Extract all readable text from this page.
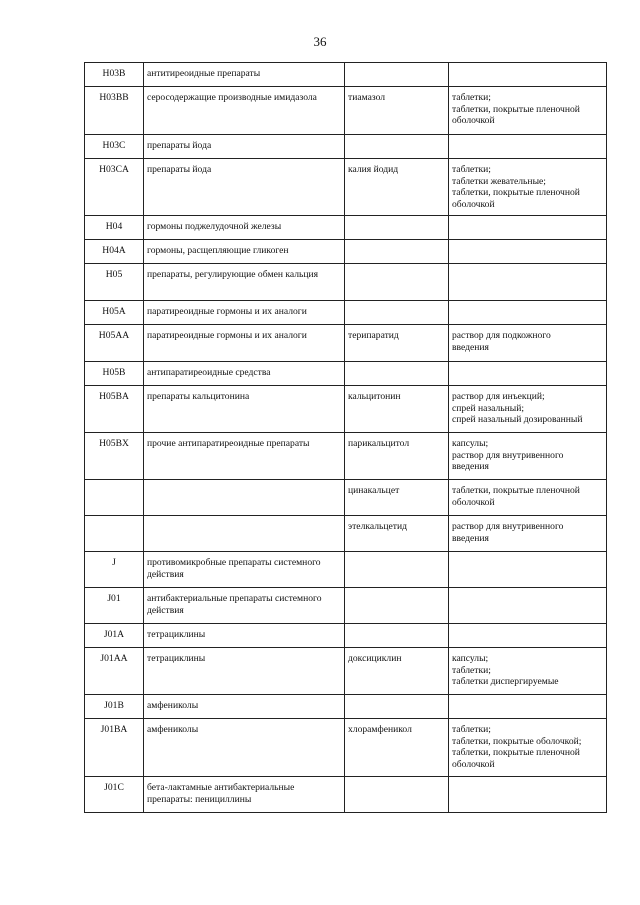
36
H03B	антитиреоидные препараты		
H03BB	серосодержащие производные имидазола	тиамазол	таблетки;
таблетки, покрытые пленочной
оболочкой

H03C	препараты йода		
H03CA	препараты йода	калия йодид	таблетки;
таблетки жевательные;
таблетки, покрытые пленочной
оболочкой

H04	гормоны поджелудочной железы		
H04A	гормоны, расщепляющие гликоген		
H05	препараты, регулирующие обмен кальция		
H05A	паратиреоидные гормоны и их аналоги		
H05AA	паратиреоидные гормоны и их аналоги	терипаратид	раствор для подкожного
введения

H05B	антипаратиреоидные средства		
H05BA	препараты кальцитонина	кальцитонин	раствор для инъекций;
спрей назальный;
спрей назальный дозированный

H05BX	прочие антипаратиреоидные препараты	парикальцитол	капсулы;
раствор для внутривенного
введения

		цинакальцет	таблетки, покрытые пленочной
оболочкой

		этелкальцетид	раствор для внутривенного
введения

J	противомикробные препараты системного действия		
J01	антибактериальные препараты системного действия		
J01A	тетрациклины		
J01AA	тетрациклины	доксициклин	капсулы;
таблетки;
таблетки диспергируемые

J01B	амфениколы		
J01BA	амфениколы	хлорамфеникол	таблетки;
таблетки, покрытые оболочкой;
таблетки, покрытые пленочной
оболочкой

J01C	бета-лактамные антибактериальные препараты: пенициллины		
